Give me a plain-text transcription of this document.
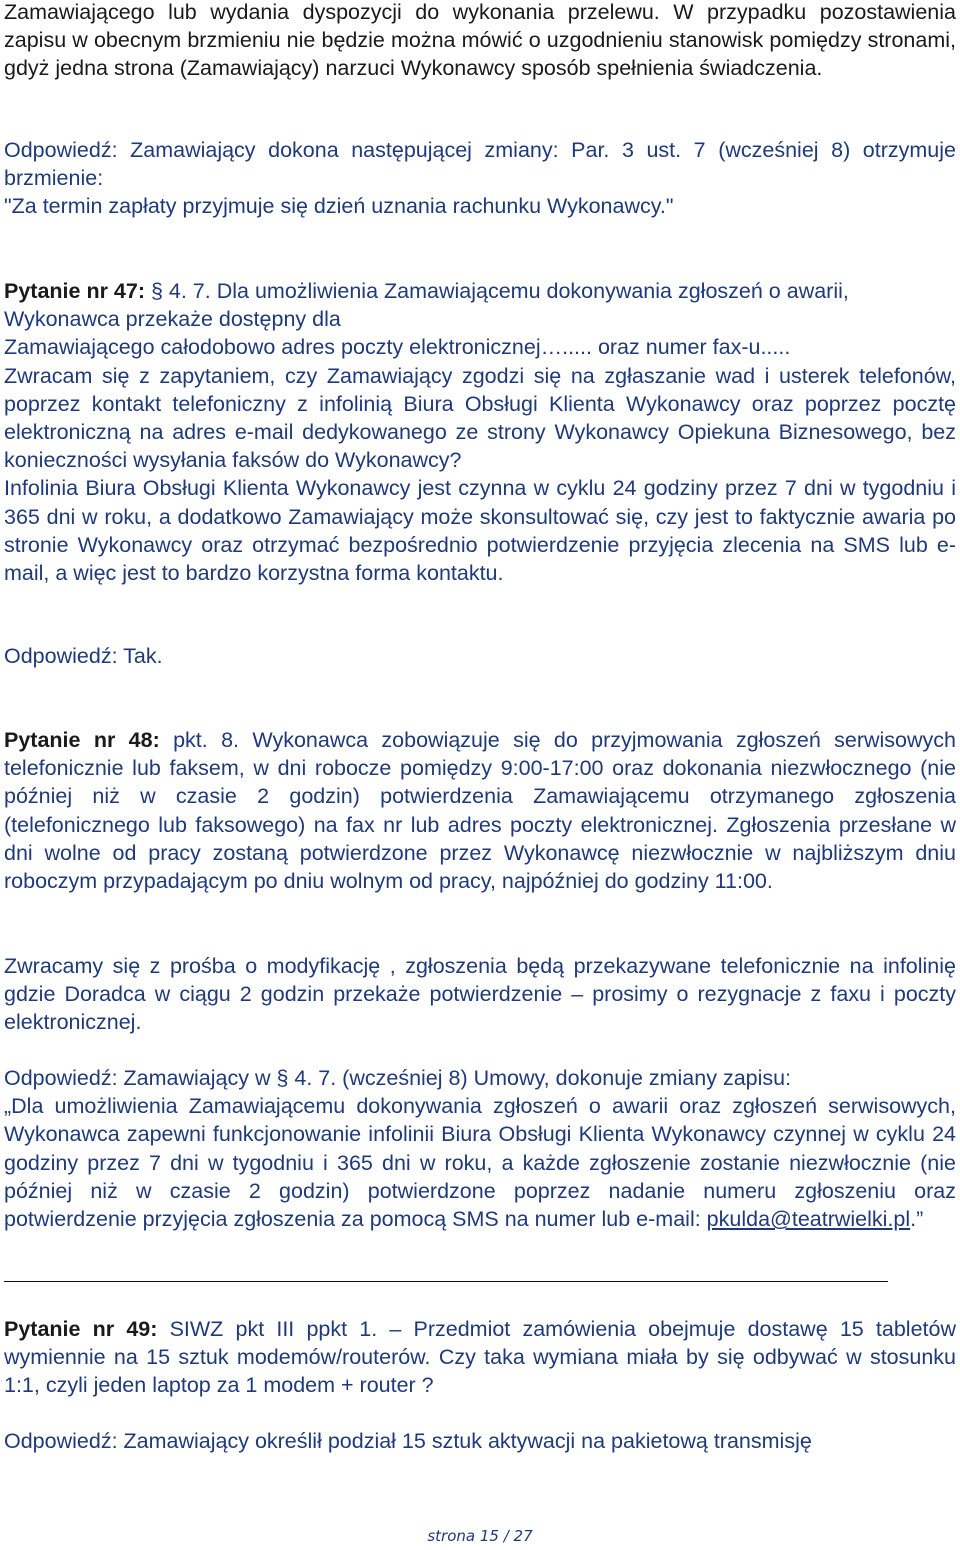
Zamawiającego lub wydania dyspozycji do wykonania przelewu. W przypadku pozostawienia zapisu w obecnym brzmieniu nie będzie można mówić o uzgodnieniu stanowisk pomiędzy stronami, gdyż jedna strona (Zamawiający) narzuci Wykonawcy sposób spełnienia świadczenia.

Odpowiedź: Zamawiający dokona następującej zmiany: Par. 3 ust. 7 (wcześniej 8) otrzymuje brzmienie:
"Za termin zapłaty przyjmuje się dzień uznania rachunku Wykonawcy."

Pytanie nr 47: § 4. 7. Dla umożliwienia Zamawiającemu dokonywania zgłoszeń o awarii,
Wykonawca przekaże dostępny dla
Zamawiającego całodobowo adres poczty elektronicznej…..... oraz numer fax-u.....
Zwracam się z zapytaniem, czy Zamawiający zgodzi się na zgłaszanie wad i usterek telefonów, poprzez kontakt telefoniczny z infolinią Biura Obsługi Klienta Wykonawcy oraz poprzez pocztę elektroniczną na adres e-mail dedykowanego ze strony Wykonawcy Opiekuna Biznesowego, bez konieczności wysyłania faksów do Wykonawcy?
Infolinia Biura Obsługi Klienta Wykonawcy jest czynna w cyklu 24 godziny przez 7 dni w tygodniu i 365 dni w roku, a dodatkowo Zamawiający może skonsultować się, czy jest to faktycznie awaria po stronie Wykonawcy oraz otrzymać bezpośrednio potwierdzenie przyjęcia zlecenia na SMS lub e-mail, a więc jest to bardzo korzystna forma kontaktu.

Odpowiedź: Tak.

Pytanie nr 48: pkt. 8. Wykonawca zobowiązuje się do przyjmowania zgłoszeń serwisowych telefonicznie lub faksem, w dni robocze pomiędzy 9:00-17:00 oraz dokonania niezwłocznego (nie później niż w czasie 2 godzin) potwierdzenia Zamawiającemu otrzymanego zgłoszenia (telefonicznego lub faksowego) na fax nr lub adres poczty elektronicznej. Zgłoszenia przesłane w dni wolne od pracy zostaną potwierdzone przez Wykonawcę niezwłocznie w najbliższym dniu roboczym przypadającym po dniu wolnym od pracy, najpóźniej do godziny 11:00.

Zwracamy się z prośba o modyfikację , zgłoszenia będą przekazywane telefonicznie na infolinię gdzie Doradca w ciągu 2 godzin przekaże potwierdzenie – prosimy o rezygnacje z faxu i poczty elektronicznej.

Odpowiedź: Zamawiający w § 4. 7. (wcześniej 8) Umowy, dokonuje zmiany zapisu:
„Dla umożliwienia Zamawiającemu dokonywania zgłoszeń o awarii oraz zgłoszeń serwisowych, Wykonawca zapewni funkcjonowanie infolinii Biura Obsługi Klienta Wykonawcy czynnej w cyklu 24 godziny przez 7 dni w tygodniu i 365 dni w roku, a każde zgłoszenie zostanie niezwłocznie (nie później niż w czasie 2 godzin) potwierdzone poprzez nadanie numeru zgłoszeniu oraz potwierdzenie przyjęcia zgłoszenia za pomocą SMS na numer lub e-mail: pkulda@teatrwielki.pl.”

Pytanie nr 49: SIWZ pkt III ppkt 1. – Przedmiot zamówienia obejmuje dostawę 15 tabletów wymiennie na 15 sztuk modemów/routerów. Czy taka wymiana miała by się odbywać w stosunku 1:1, czyli jeden laptop za 1 modem + router ?

Odpowiedź: Zamawiający określił podział 15 sztuk aktywacji na pakietową transmisję

strona 15 / 27
